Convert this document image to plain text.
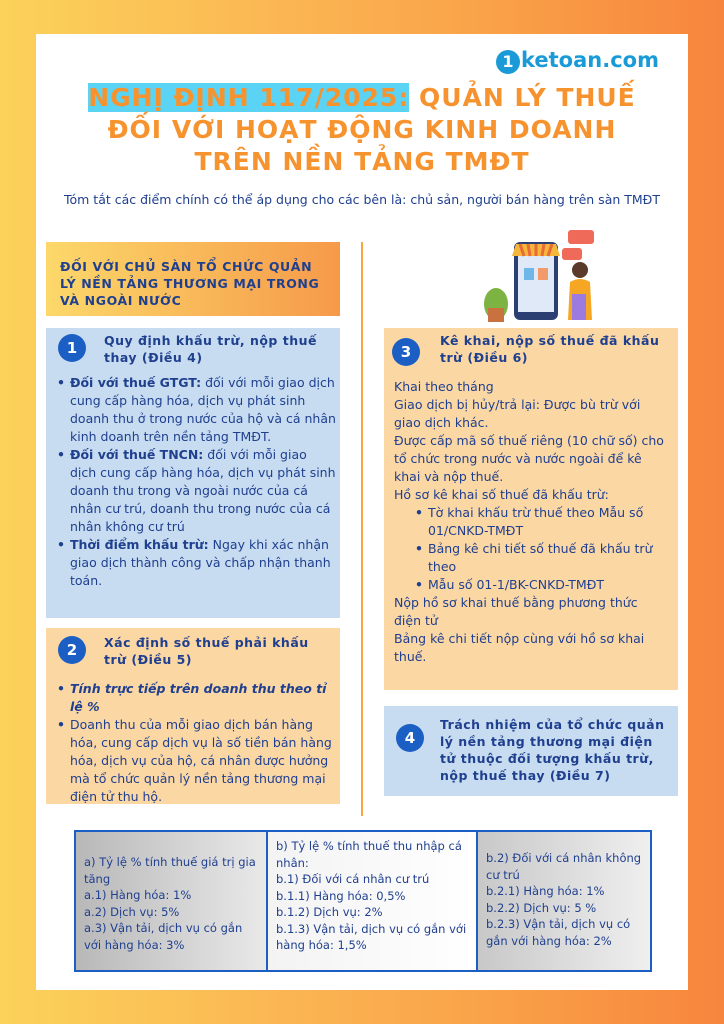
1 ketoan.com
NGHỊ ĐỊNH 117/2025: QUẢN LÝ THUẾ
ĐỐI VỚI HOẠT ĐỘNG KINH DOANH
TRÊN NỀN TẢNG TMĐT
Tóm tắt các điểm chính có thể áp dụng cho các bên là: chủ sản, người bán hàng trên sàn TMĐT
ĐỐI VỚI CHỦ SÀN TỔ CHỨC QUẢN LÝ NỀN TẢNG THƯƠNG MẠI TRONG VÀ NGOÀI NƯỚC
1	Quy định khấu trừ, nộp thuế thay (Điều 4)
• Đối với thuế GTGT: đối với mỗi giao dịch cung cấp hàng hóa, dịch vụ phát sinh doanh thu ở trong nước của hộ và cá nhân kinh doanh trên nền tảng TMĐT.
• Đối với thuế TNCN: đối với mỗi giao dịch cung cấp hàng hóa, dịch vụ phát sinh doanh thu trong và ngoài nước của cá nhân cư trú, doanh thu trong nước của cá nhân không cư trú
• Thời điểm khấu trừ: Ngay khi xác nhận giao dịch thành công và chấp nhận thanh toán.
2	Xác định số thuế phải khấu trừ (Điều 5)
• Tính trực tiếp trên doanh thu theo tỉ lệ %
• Doanh thu của mỗi giao dịch bán hàng hóa, cung cấp dịch vụ là số tiền bán hàng hóa, dịch vụ của hộ, cá nhân được hưởng mà tổ chức quản lý nền tảng thương mại điện tử thu hộ.
3
Kê khai, nộp số thuế đã khấu trừ (Điều 6)

Khai theo tháng

Giao dịch bị hủy/trả lại: Được bù trừ với giao dịch khác.

Được cấp mã số thuế riêng (10 chữ số) cho tổ chức trong nước và nước ngoài để kê khai và nộp thuế.

Hồ sơ kê khai số thuế đã khấu trừ:

• Tờ khai khấu trừ thuế theo Mẫu số 01/CNKD-TMĐT
• Bảng kê chi tiết số thuế đã khấu trừ theo
• Mẫu số 01-1/BK-CNKD-TMĐT

Nộp hồ sơ khai thuế bằng phương thức điện tử

Bảng kê chi tiết nộp cùng với hồ sơ khai thuế.

4
Trách nhiệm của tổ chức quản lý nền tảng thương mại điện tử thuộc đối tượng khấu trừ, nộp thuế thay (Điều 7)

a) Tỷ lệ % tính thuế giá trị gia tăng

a.1) Hàng hóa: 1%

a.2) Dịch vụ: 5%

a.3) Vận tải, dịch vụ có gắn với hàng hóa: 3%

b) Tỷ lệ % tính thuế thu nhập cá nhân:

b.1) Đối với cá nhân cư trú

b.1.1) Hàng hóa: 0,5%

b.1.2) Dịch vụ: 2%

b.1.3) Vận tải, dịch vụ có gắn với hàng hóa: 1,5%

b.2) Đối với cá nhân không cư trú

b.2.1) Hàng hóa: 1%

b.2.2) Dịch vụ: 5 %

b.2.3) Vận tải, dịch vụ có gắn với hàng hóa: 2%
